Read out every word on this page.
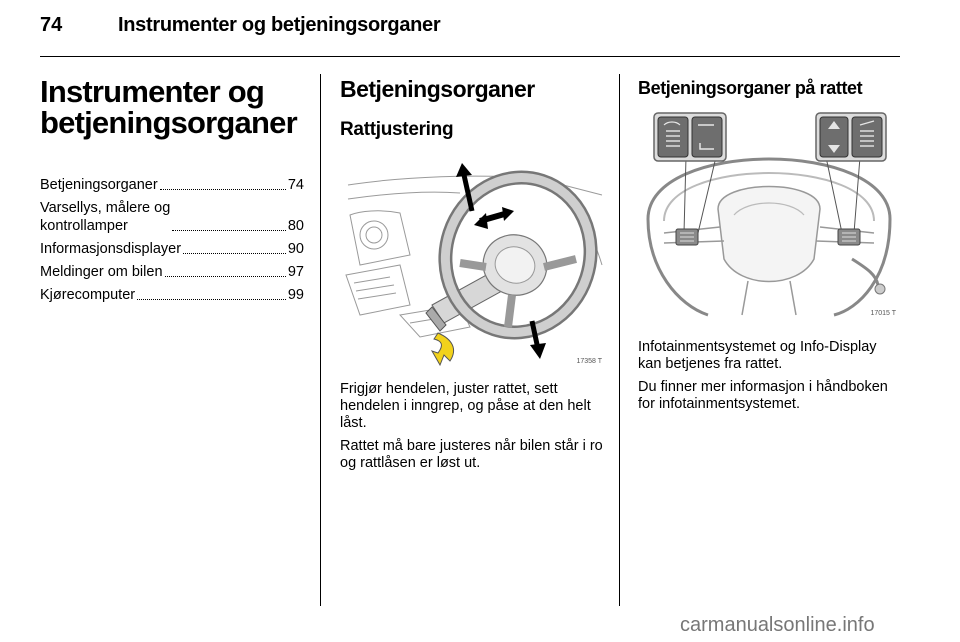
74	Instrumenter og betjeningsorganer
Instrumenter og betjeningsorganer
Betjeningsorganer	74
Varsellys, målere og
kontrollamper	80
Informasjonsdisplayer	90
Meldinger om bilen	97
Kjørecomputer	99
Betjeningsorganer
Rattjustering
17358 T

Frigjør hendelen, juster rattet, sett hendelen i inngrep, og påse at den helt låst.

Rattet må bare justeres når bilen står i ro og rattlåsen er løst ut.

Betjeningsorganer på rattet
17015 T

Infotainmentsystemet og Info-Display kan betjenes fra rattet.

Du finner mer informasjon i håndboken for infotainmentsystemet.

carmanualsonline.info
